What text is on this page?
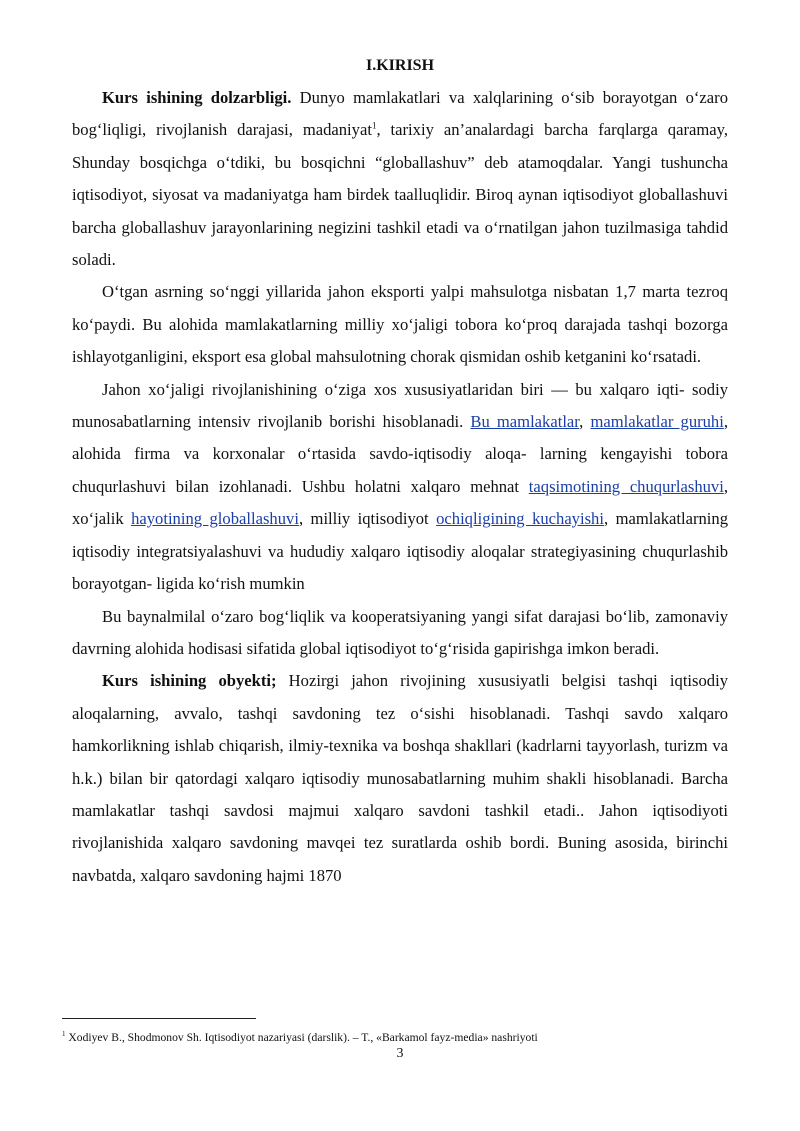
I.KIRISH

Kurs ishining dolzarbligi. Dunyo mamlakatlari va xalqlarining o‘sib borayotgan o‘zaro bog‘liqligi, rivojlanish darajasi, madaniyat$^1$, tarixiy an’analardagi barcha farqlarga qaramay, Shunday bosqichga o‘tdiki, bu bosqichni “globallashuv” deb atamoqdalar. Yangi tushuncha iqtisodiyot, siyosat va madaniyatga ham birdek taalluqlidir. Biroq aynan iqtisodiyot globallashuvi barcha globallashuv jarayonlarining negizini tashkil etadi va o‘rnatilgan jahon tuzilmasiga tahdid soladi.

O‘tgan asrning so‘nggi yillarida jahon eksporti yalpi mahsulotga nisbatan 1,7 marta tezroq ko‘paydi. Bu alohida mamlakatlarning milliy xo‘jaligi tobora ko‘proq darajada tashqi bozorga ishlayotganligini, eksport esa global mahsulotning chorak qismidan oshib ketganini ko‘rsatadi.

Jahon xo‘jaligi rivojlanishining o‘ziga xos xususiyatlaridan biri — bu xalqaro iqti- sodiy munosabatlarning intensiv rivojlanib borishi hisoblanadi. Bu mamlakatlar, mamlakatlar guruhi, alohida firma va korxonalar o‘rtasida savdo-iqtisodiy aloqa- larning kengayishi tobora chuqurlashuvi bilan izohlanadi. Ushbu holatni xalqaro mehnat taqsimotining chuqurlashuvi, xo‘jalik hayotining globallashuvi, milliy iqtisodiyot ochiqligining kuchayishi, mamlakatlarning iqtisodiy integratsiyalashuvi va hududiy xalqaro iqtisodiy aloqalar strategiyasining chuqurlashib borayotgan- ligida ko‘rish mumkin

Bu baynalmilal o‘zaro bog‘liqlik va kooperatsiyaning yangi sifat darajasi bo‘lib, zamonaviy davrning alohida hodisasi sifatida global iqtisodiyot to‘g‘risida gapirishga imkon beradi.

Kurs ishining obyekti; Hozirgi jahon rivojining xususiyatli belgisi tashqi iqtisodiy aloqalarning, avvalo, tashqi savdoning tez o‘sishi hisoblanadi. Tashqi savdo xalqaro hamkorlikning ishlab chiqarish, ilmiy-texnika va boshqa shakllari (kadrlarni tayyorlash, turizm va h.k.) bilan bir qatordagi xalqaro iqtisodiy munosabatlarning muhim shakli hisoblanadi. Barcha mamlakatlar tashqi savdosi majmui xalqaro savdoni tashkil etadi.. Jahon iqtisodiyoti rivojlanishida xalqaro savdoning mavqei tez suratlarda oshib bordi. Buning asosida, birinchi navbatda, xalqaro savdoning hajmi 1870

$^1$ Xodiyev B., Shodmonov Sh. Iqtisodiyot nazariyasi (darslik). – T., «Barkamol fayz-media» nashriyoti
3
